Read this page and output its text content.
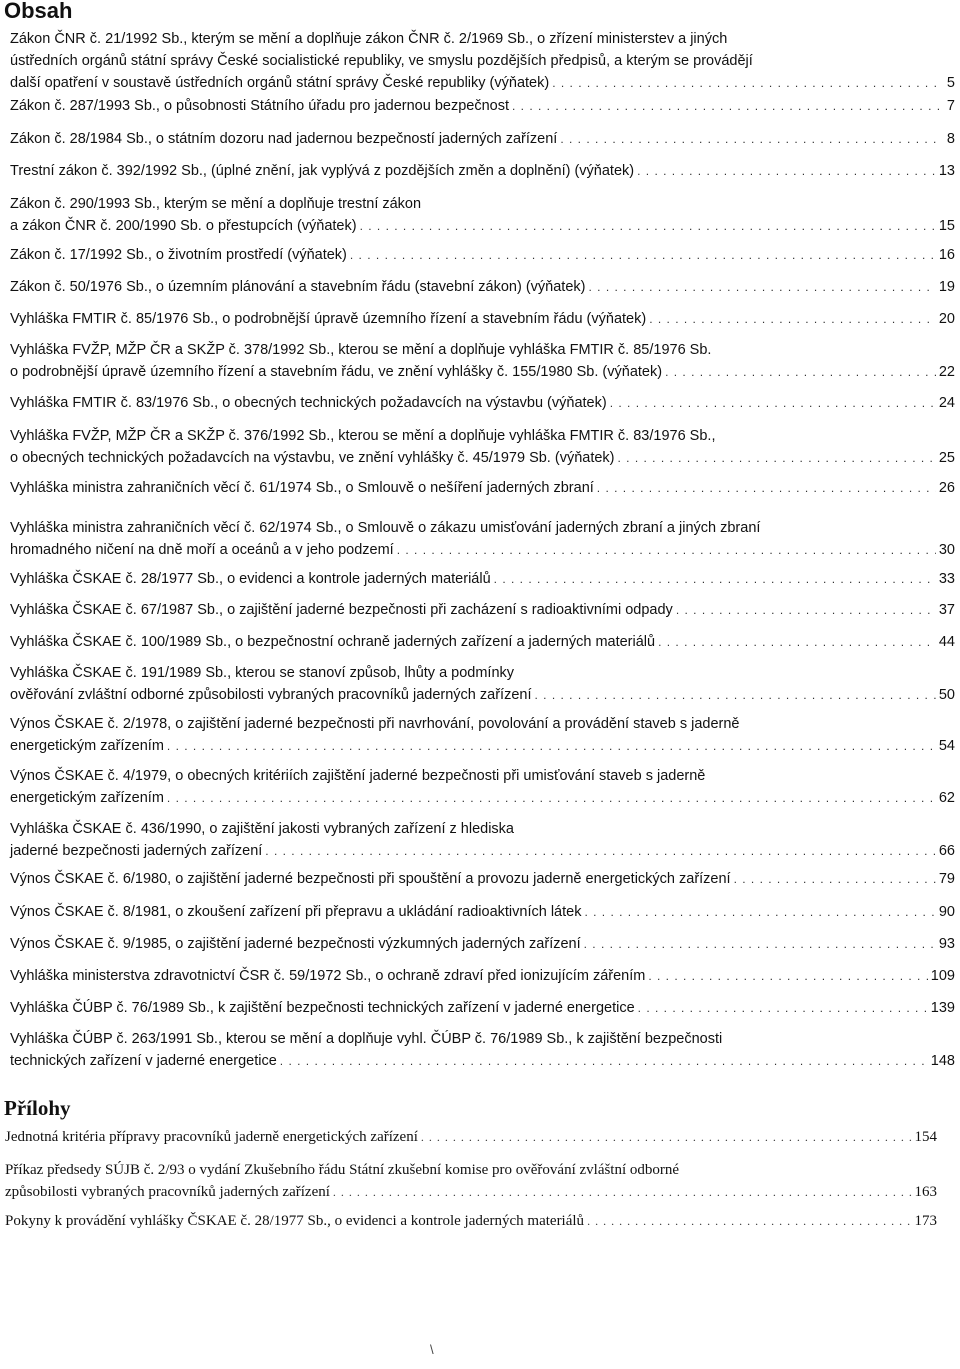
Obsah
Zákon ČNR č. 21/1992 Sb., kterým se mění a doplňuje zákon ČNR č. 2/1969 Sb., o zřízení ministerstev a jiných
ústředních orgánů státní správy České socialistické republiky, ve smyslu pozdějších předpisů, a kterým se provádějí
další opatření v soustavě ústředních orgánů státní správy České republiky (výňatek) . . .	5
Zákon č. 287/1993 Sb., o působnosti Státního úřadu pro jadernou bezpečnost . . .	7
Zákon č. 28/1984 Sb., o státním dozoru nad jadernou bezpečností jaderných zařízení . . .	8
Trestní zákon č. 392/1992 Sb., (úplné znění, jak vyplývá z pozdějších změn a doplnění) (výňatek) . . .	13
Zákon č. 290/1993 Sb., kterým se mění a doplňuje trestní zákon
a zákon ČNR č. 200/1990 Sb. o přestupcích (výňatek) . . .	15
Zákon č. 17/1992 Sb., o životním prostředí (výňatek) . . .	16
Zákon č. 50/1976 Sb., o územním plánování a stavebním řádu (stavební zákon) (výňatek) . . .	19
Vyhláška FMTIR č. 85/1976 Sb., o podrobnější úpravě územního řízení a stavebním řádu (výňatek) . . .	20
Vyhláška FVŽP, MŽP ČR a SKŽP č. 378/1992 Sb., kterou se mění a doplňuje vyhláška FMTIR č. 85/1976 Sb.
o podrobnější úpravě územního řízení a stavebním řádu, ve znění vyhlášky č. 155/1980 Sb. (výňatek) . . .	22
Vyhláška FMTIR č. 83/1976 Sb., o obecných technických požadavcích na výstavbu (výňatek) . . .	24
Vyhláška FVŽP, MŽP ČR a SKŽP č. 376/1992 Sb., kterou se mění a doplňuje vyhláška FMTIR č. 83/1976 Sb.,
o obecných technických požadavcích na výstavbu, ve znění vyhlášky č. 45/1979 Sb. (výňatek) . . .	25
Vyhláška ministra zahraničních věcí č. 61/1974 Sb., o Smlouvě o nešíření jaderných zbraní . . .	26
Vyhláška ministra zahraničních věcí č. 62/1974 Sb., o Smlouvě o zákazu umisťování jaderných zbraní a jiných zbraní
hromadného ničení na dně moří a oceánů a v jeho podzemí . . .	30
Vyhláška ČSKAE č. 28/1977 Sb., o evidenci a kontrole jaderných materiálů . . .	33
Vyhláška ČSKAE č. 67/1987 Sb., o zajištění jaderné bezpečnosti při zacházení s radioaktivními odpady . . .	37
Vyhláška ČSKAE č. 100/1989 Sb., o bezpečnostní ochraně jaderných zařízení a jaderných materiálů . . .	44
Vyhláška ČSKAE č. 191/1989 Sb., kterou se stanoví způsob, lhůty a podmínky
ověřování zvláštní odborné způsobilosti vybraných pracovníků jaderných zařízení . . .	50
Výnos ČSKAE č. 2/1978, o zajištění jaderné bezpečnosti při navrhování, povolování a provádění staveb s jaderně
energetickým zařízením . . .	54
Výnos ČSKAE č. 4/1979, o obecných kritériích zajištění jaderné bezpečnosti při umisťování staveb s jaderně
energetickým zařízením . . .	62
Vyhláška ČSKAE č. 436/1990, o zajištění jakosti vybraných zařízení z hlediska
jaderné bezpečnosti jaderných zařízení . . .	66
Výnos ČSKAE č. 6/1980, o zajištění jaderné bezpečnosti při spouštění a provozu jaderně energetických zařízení . . .	79
Výnos ČSKAE č. 8/1981, o zkoušení zařízení při přepravu a ukládání radioaktivních látek . . .	90
Výnos ČSKAE č. 9/1985, o zajištění jaderné bezpečnosti výzkumných jaderných zařízení . . .	93
Vyhláška ministerstva zdravotnictví ČSR č. 59/1972 Sb., o ochraně zdraví před ionizujícím zářením . . .	109
Vyhláška ČÚBP č. 76/1989 Sb., k zajištění bezpečnosti technických zařízení v jaderné energetice . . .	139
Vyhláška ČÚBP č. 263/1991 Sb., kterou se mění a doplňuje vyhl. ČÚBP č. 76/1989 Sb., k zajištění bezpečnosti
technických zařízení v jaderné energetice . . .	148
Přílohy
Jednotná kritéria přípravy pracovníků jaderně energetických zařízení . . .	154
Příkaz předsedy SÚJB č. 2/93 o vydání Zkušebního řádu Státní zkušební komise pro ověřování zvláštní odborné
způsobilosti vybraných pracovníků jaderných zařízení . . .	163
Pokyny k provádění vyhlášky ČSKAE č. 28/1977 Sb., o evidenci a kontrole jaderných materiálů . . .	173
\
